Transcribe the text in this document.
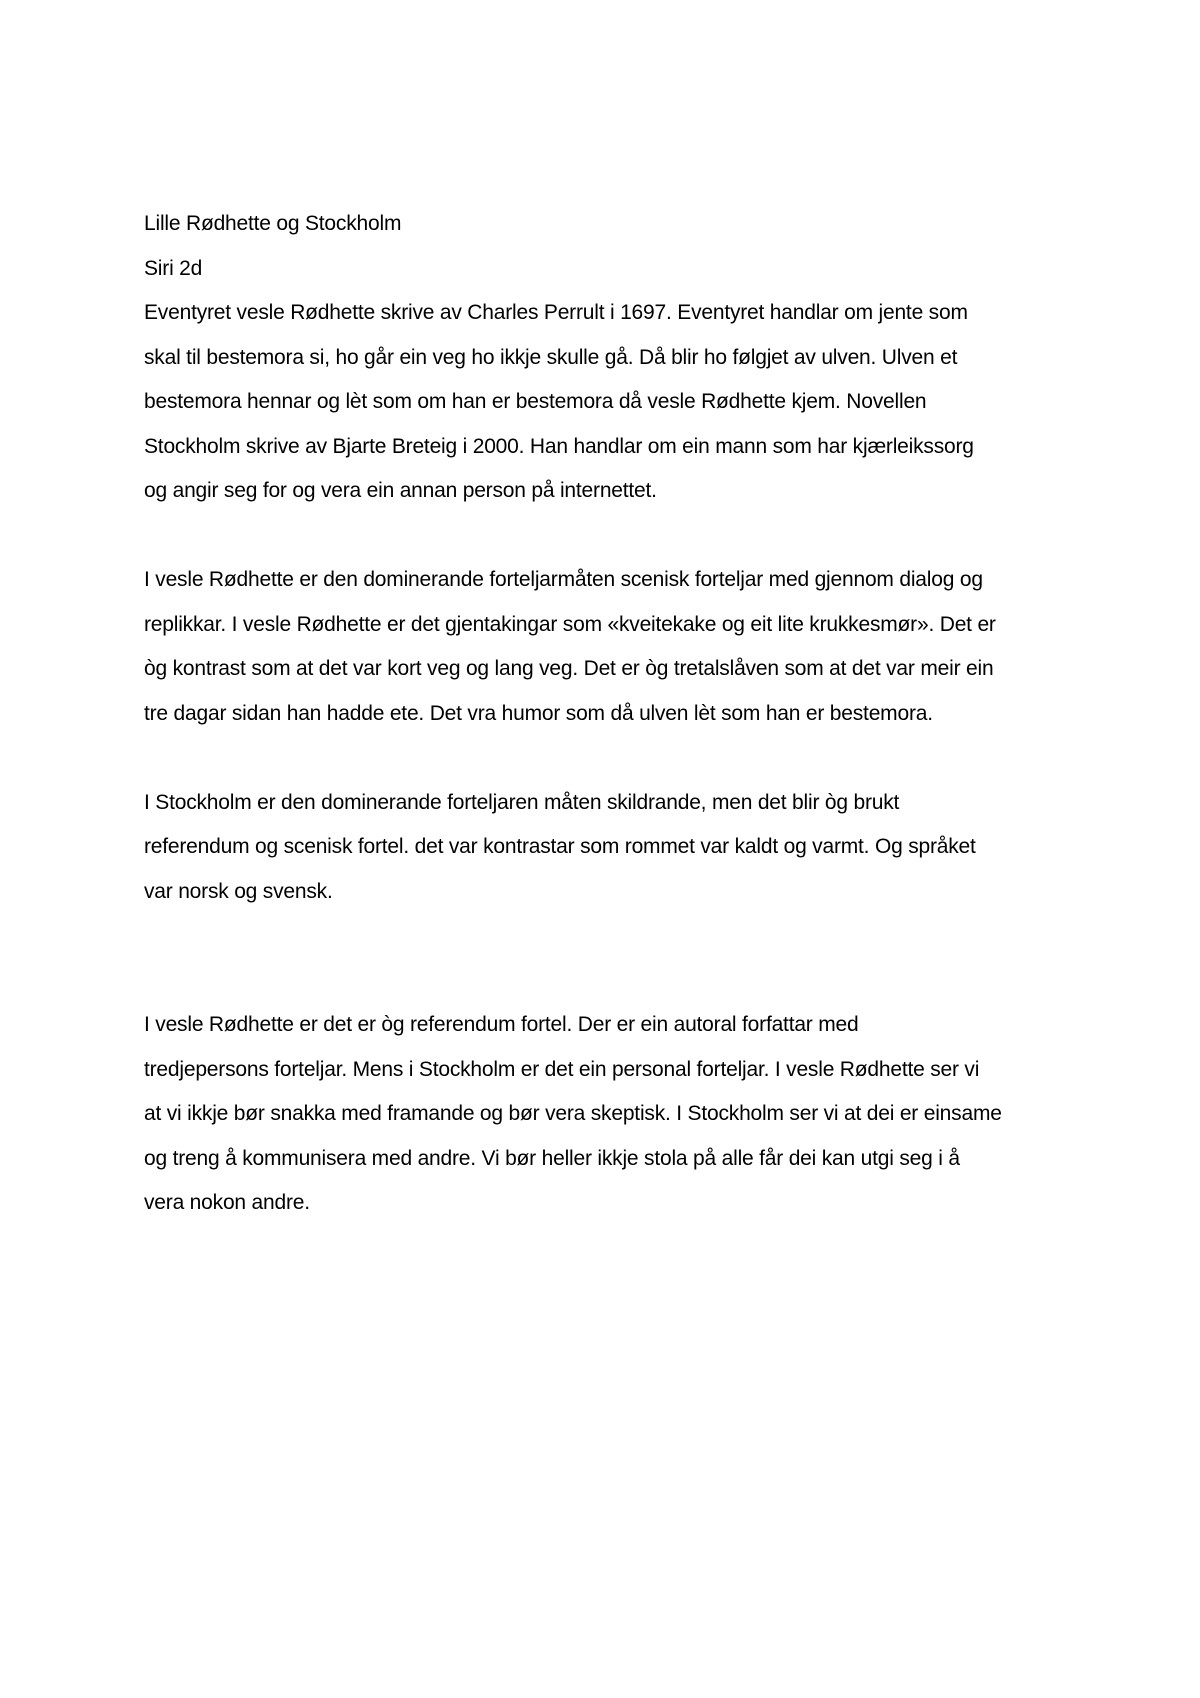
Lille Rødhette og Stockholm
Siri 2d
Eventyret vesle Rødhette skrive av Charles Perrult i 1697. Eventyret handlar om jente som
skal til bestemora si, ho går ein veg ho ikkje skulle gå. Då blir ho følgjet av ulven. Ulven et
bestemora hennar og lèt som om han er bestemora då vesle Rødhette kjem. Novellen
Stockholm skrive av Bjarte Breteig i 2000. Han handlar om ein mann som har kjærleikssorg
og angir seg for og vera ein annan person på internettet.
I vesle Rødhette er den dominerande forteljarmåten scenisk forteljar med gjennom dialog og
replikkar. I vesle Rødhette er det gjentakingar som «kveitekake og eit lite krukkesmør». Det er
òg kontrast som at det var kort veg og lang veg. Det er òg tretalslåven som at det var meir ein
tre dagar sidan han hadde ete. Det vra humor som då ulven lèt som han er bestemora.
I Stockholm er den dominerande forteljaren måten skildrande, men det blir òg brukt
referendum og scenisk fortel. det var kontrastar som rommet var kaldt og varmt. Og språket
var norsk og svensk.
I vesle Rødhette er det er òg referendum fortel. Der er ein autoral forfattar med
tredjepersons forteljar. Mens i Stockholm er det ein personal forteljar. I vesle Rødhette ser vi
at vi ikkje bør snakka med framande og bør vera skeptisk. I Stockholm ser vi at dei er einsame
og treng å kommunisera med andre. Vi bør heller ikkje stola på alle får dei kan utgi seg i å
vera nokon andre.
